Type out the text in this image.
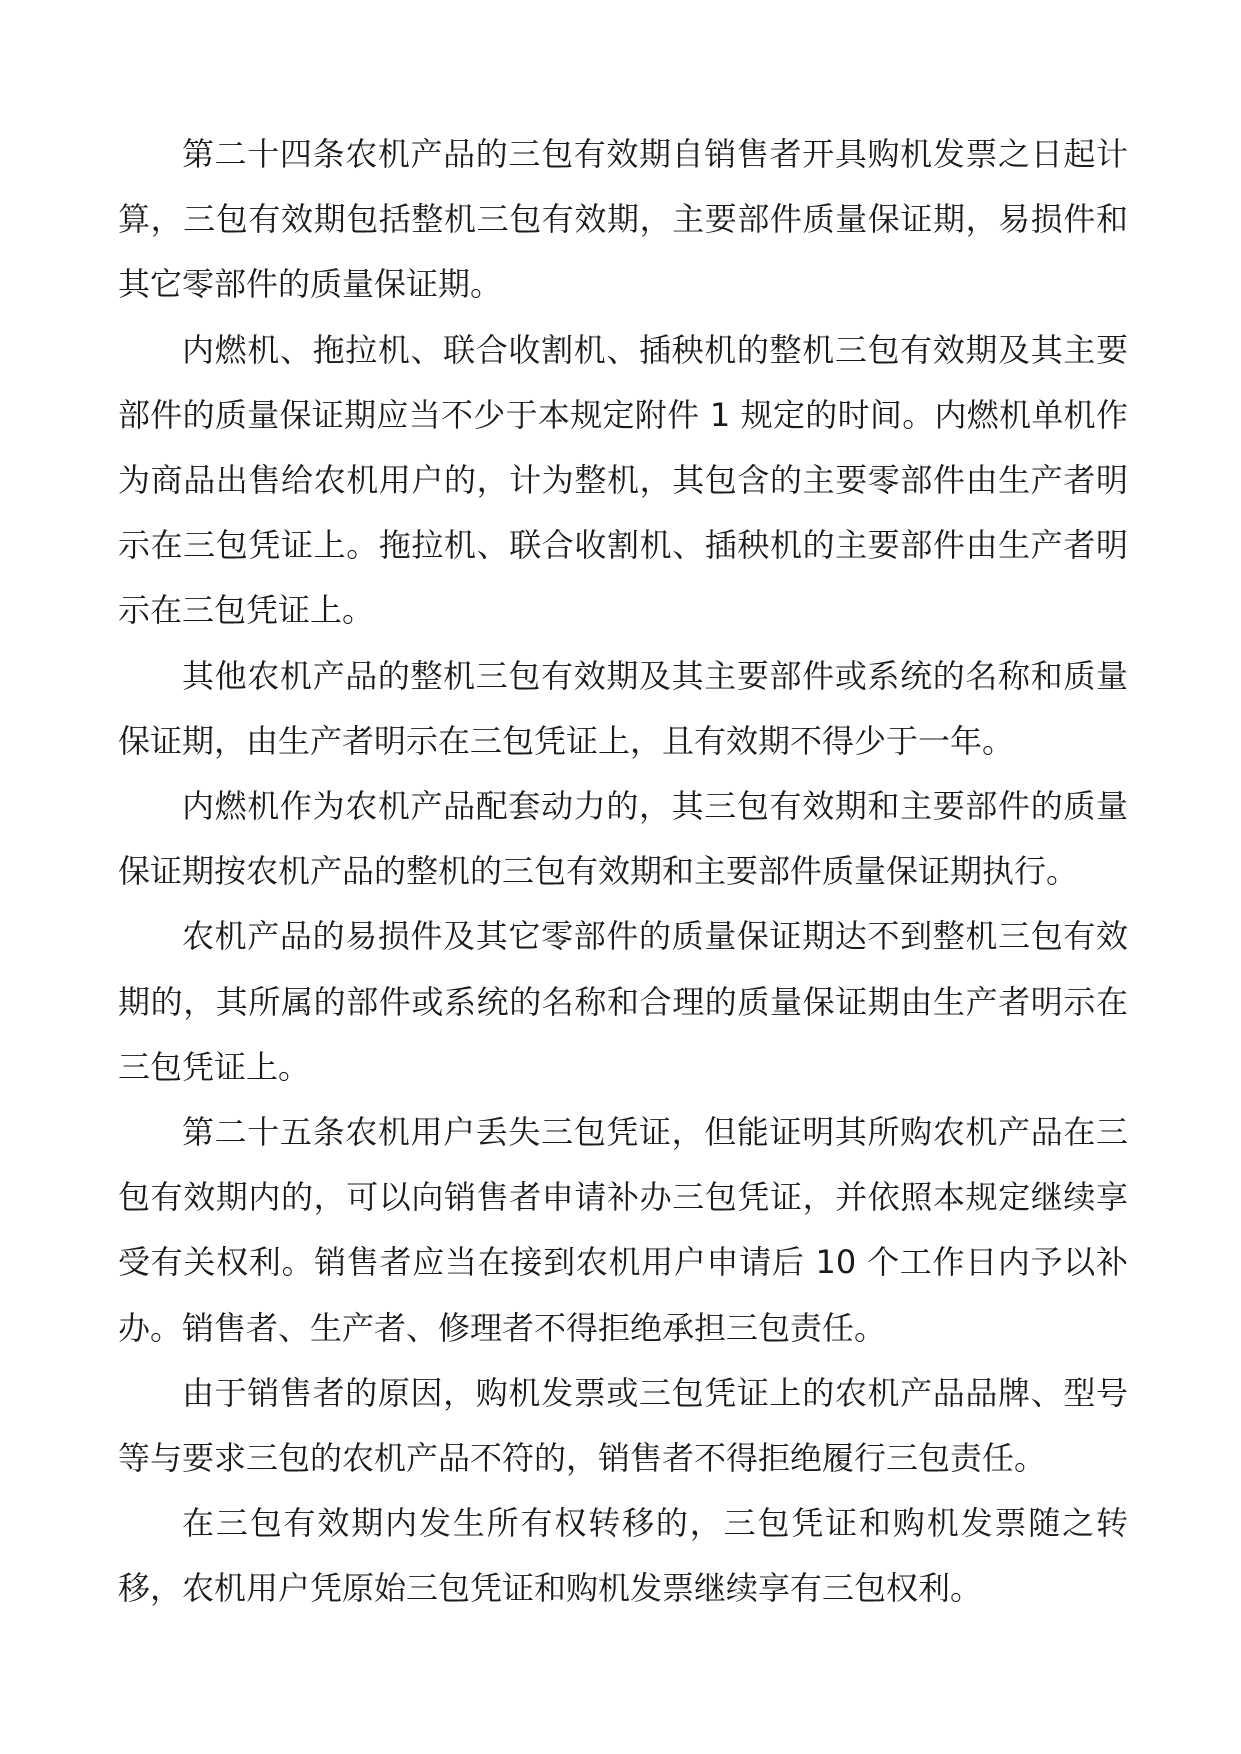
第二十四条农机产品的三包有效期自销售者开具购机发票之日起计算，三包有效期包括整机三包有效期，主要部件质量保证期，易损件和其它零部件的质量保证期。

内燃机、拖拉机、联合收割机、插秧机的整机三包有效期及其主要部件的质量保证期应当不少于本规定附件 1 规定的时间。内燃机单机作为商品出售给农机用户的，计为整机，其包含的主要零部件由生产者明示在三包凭证上。拖拉机、联合收割机、插秧机的主要部件由生产者明示在三包凭证上。

其他农机产品的整机三包有效期及其主要部件或系统的名称和质量保证期，由生产者明示在三包凭证上，且有效期不得少于一年。

内燃机作为农机产品配套动力的，其三包有效期和主要部件的质量保证期按农机产品的整机的三包有效期和主要部件质量保证期执行。

农机产品的易损件及其它零部件的质量保证期达不到整机三包有效期的，其所属的部件或系统的名称和合理的质量保证期由生产者明示在三包凭证上。

第二十五条农机用户丢失三包凭证，但能证明其所购农机产品在三包有效期内的，可以向销售者申请补办三包凭证，并依照本规定继续享受有关权利。销售者应当在接到农机用户申请后 10 个工作日内予以补办。销售者、生产者、修理者不得拒绝承担三包责任。

由于销售者的原因，购机发票或三包凭证上的农机产品品牌、型号等与要求三包的农机产品不符的，销售者不得拒绝履行三包责任。

在三包有效期内发生所有权转移的，三包凭证和购机发票随之转移，农机用户凭原始三包凭证和购机发票继续享有三包权利。
